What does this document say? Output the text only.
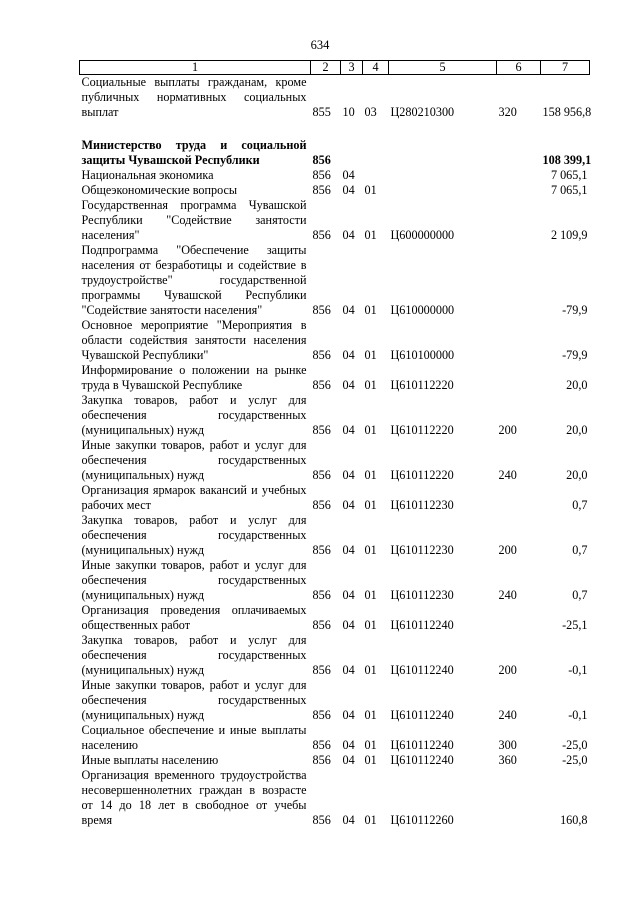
634
1	2	3	4	5	6	7
Социальные выплаты гражданам, кроме публичных нормативных социальных выплат	855	10	03	Ц280210300	320	158 956,8

Министерство труда и социальной защиты Чувашской Республики	856					108 399,1
Национальная экономика	856	04				7 065,1
Общеэкономические вопросы	856	04	01			7 065,1
Государственная программа Чувашской Республики "Содействие занятости населения"	856	04	01	Ц600000000		2 109,9
Подпрограмма "Обеспечение защиты населения от безработицы и содействие в трудоустройстве" государственной программы Чувашской Республики "Содействие занятости населения"	856	04	01	Ц610000000		-79,9
Основное мероприятие "Мероприятия в области содействия занятости населения Чувашской Республики"	856	04	01	Ц610100000		-79,9
Информирование о положении на рынке труда в Чувашской Республике	856	04	01	Ц610112220		20,0
Закупка товаров, работ и услуг для обеспечения государственных (муниципальных) нужд	856	04	01	Ц610112220	200	20,0
Иные закупки товаров, работ и услуг для обеспечения государственных (муниципальных) нужд	856	04	01	Ц610112220	240	20,0
Организация ярмарок вакансий и учебных рабочих мест	856	04	01	Ц610112230		0,7
Закупка товаров, работ и услуг для обеспечения государственных (муниципальных) нужд	856	04	01	Ц610112230	200	0,7
Иные закупки товаров, работ и услуг для обеспечения государственных (муниципальных) нужд	856	04	01	Ц610112230	240	0,7
Организация проведения оплачиваемых общественных работ	856	04	01	Ц610112240		-25,1
Закупка товаров, работ и услуг для обеспечения государственных (муниципальных) нужд	856	04	01	Ц610112240	200	-0,1
Иные закупки товаров, работ и услуг для обеспечения государственных (муниципальных) нужд	856	04	01	Ц610112240	240	-0,1
Социальное обеспечение и иные выплаты населению	856	04	01	Ц610112240	300	-25,0
Иные выплаты населению	856	04	01	Ц610112240	360	-25,0
Организация временного трудоустройства несовершеннолетних граждан в возрасте от 14 до 18 лет в свободное от учебы время	856	04	01	Ц610112260		160,8
